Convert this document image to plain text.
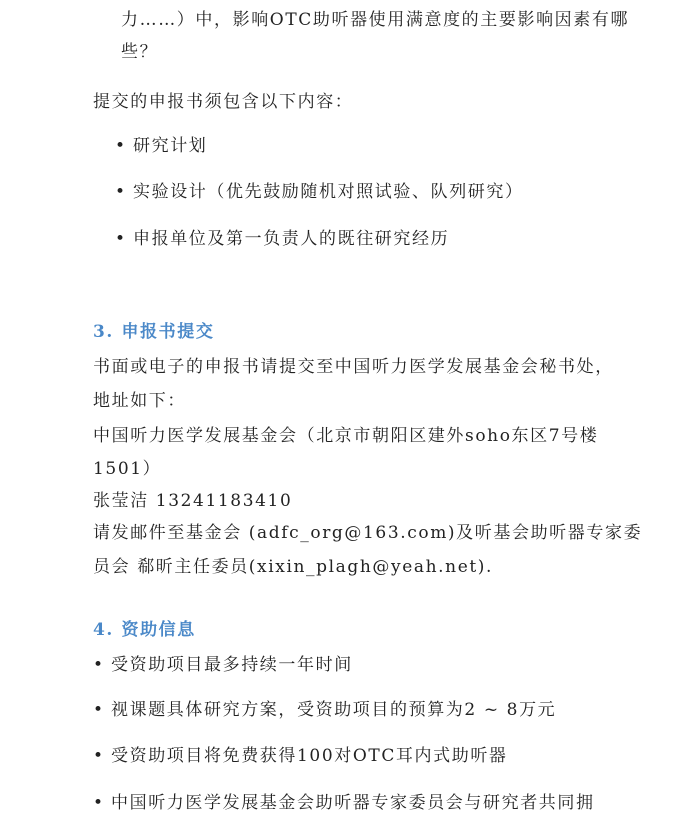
力……）中，影响OTC助听器使用满意度的主要影响因素有哪
些？
提交的申报书须包含以下内容：
• 研究计划
• 实验设计（优先鼓励随机对照试验、队列研究）
• 申报单位及第一负责人的既往研究经历
3. 申报书提交
书面或电子的申报书请提交至中国听力医学发展基金会秘书处，
地址如下：
中国听力医学发展基金会（北京市朝阳区建外soho东区7号楼
1501）
张莹洁 13241183410
请发邮件至基金会 (adfc_org@163.com)及听基会助听器专家委
员会 郗昕主任委员(xixin_plagh@yeah.net).
4. 资助信息
• 受资助项目最多持续一年时间
• 视课题具体研究方案，受资助项目的预算为2 ~ 8万元
• 受资助项目将免费获得100对OTC耳内式助听器
• 中国听力医学发展基金会助听器专家委员会与研究者共同拥
